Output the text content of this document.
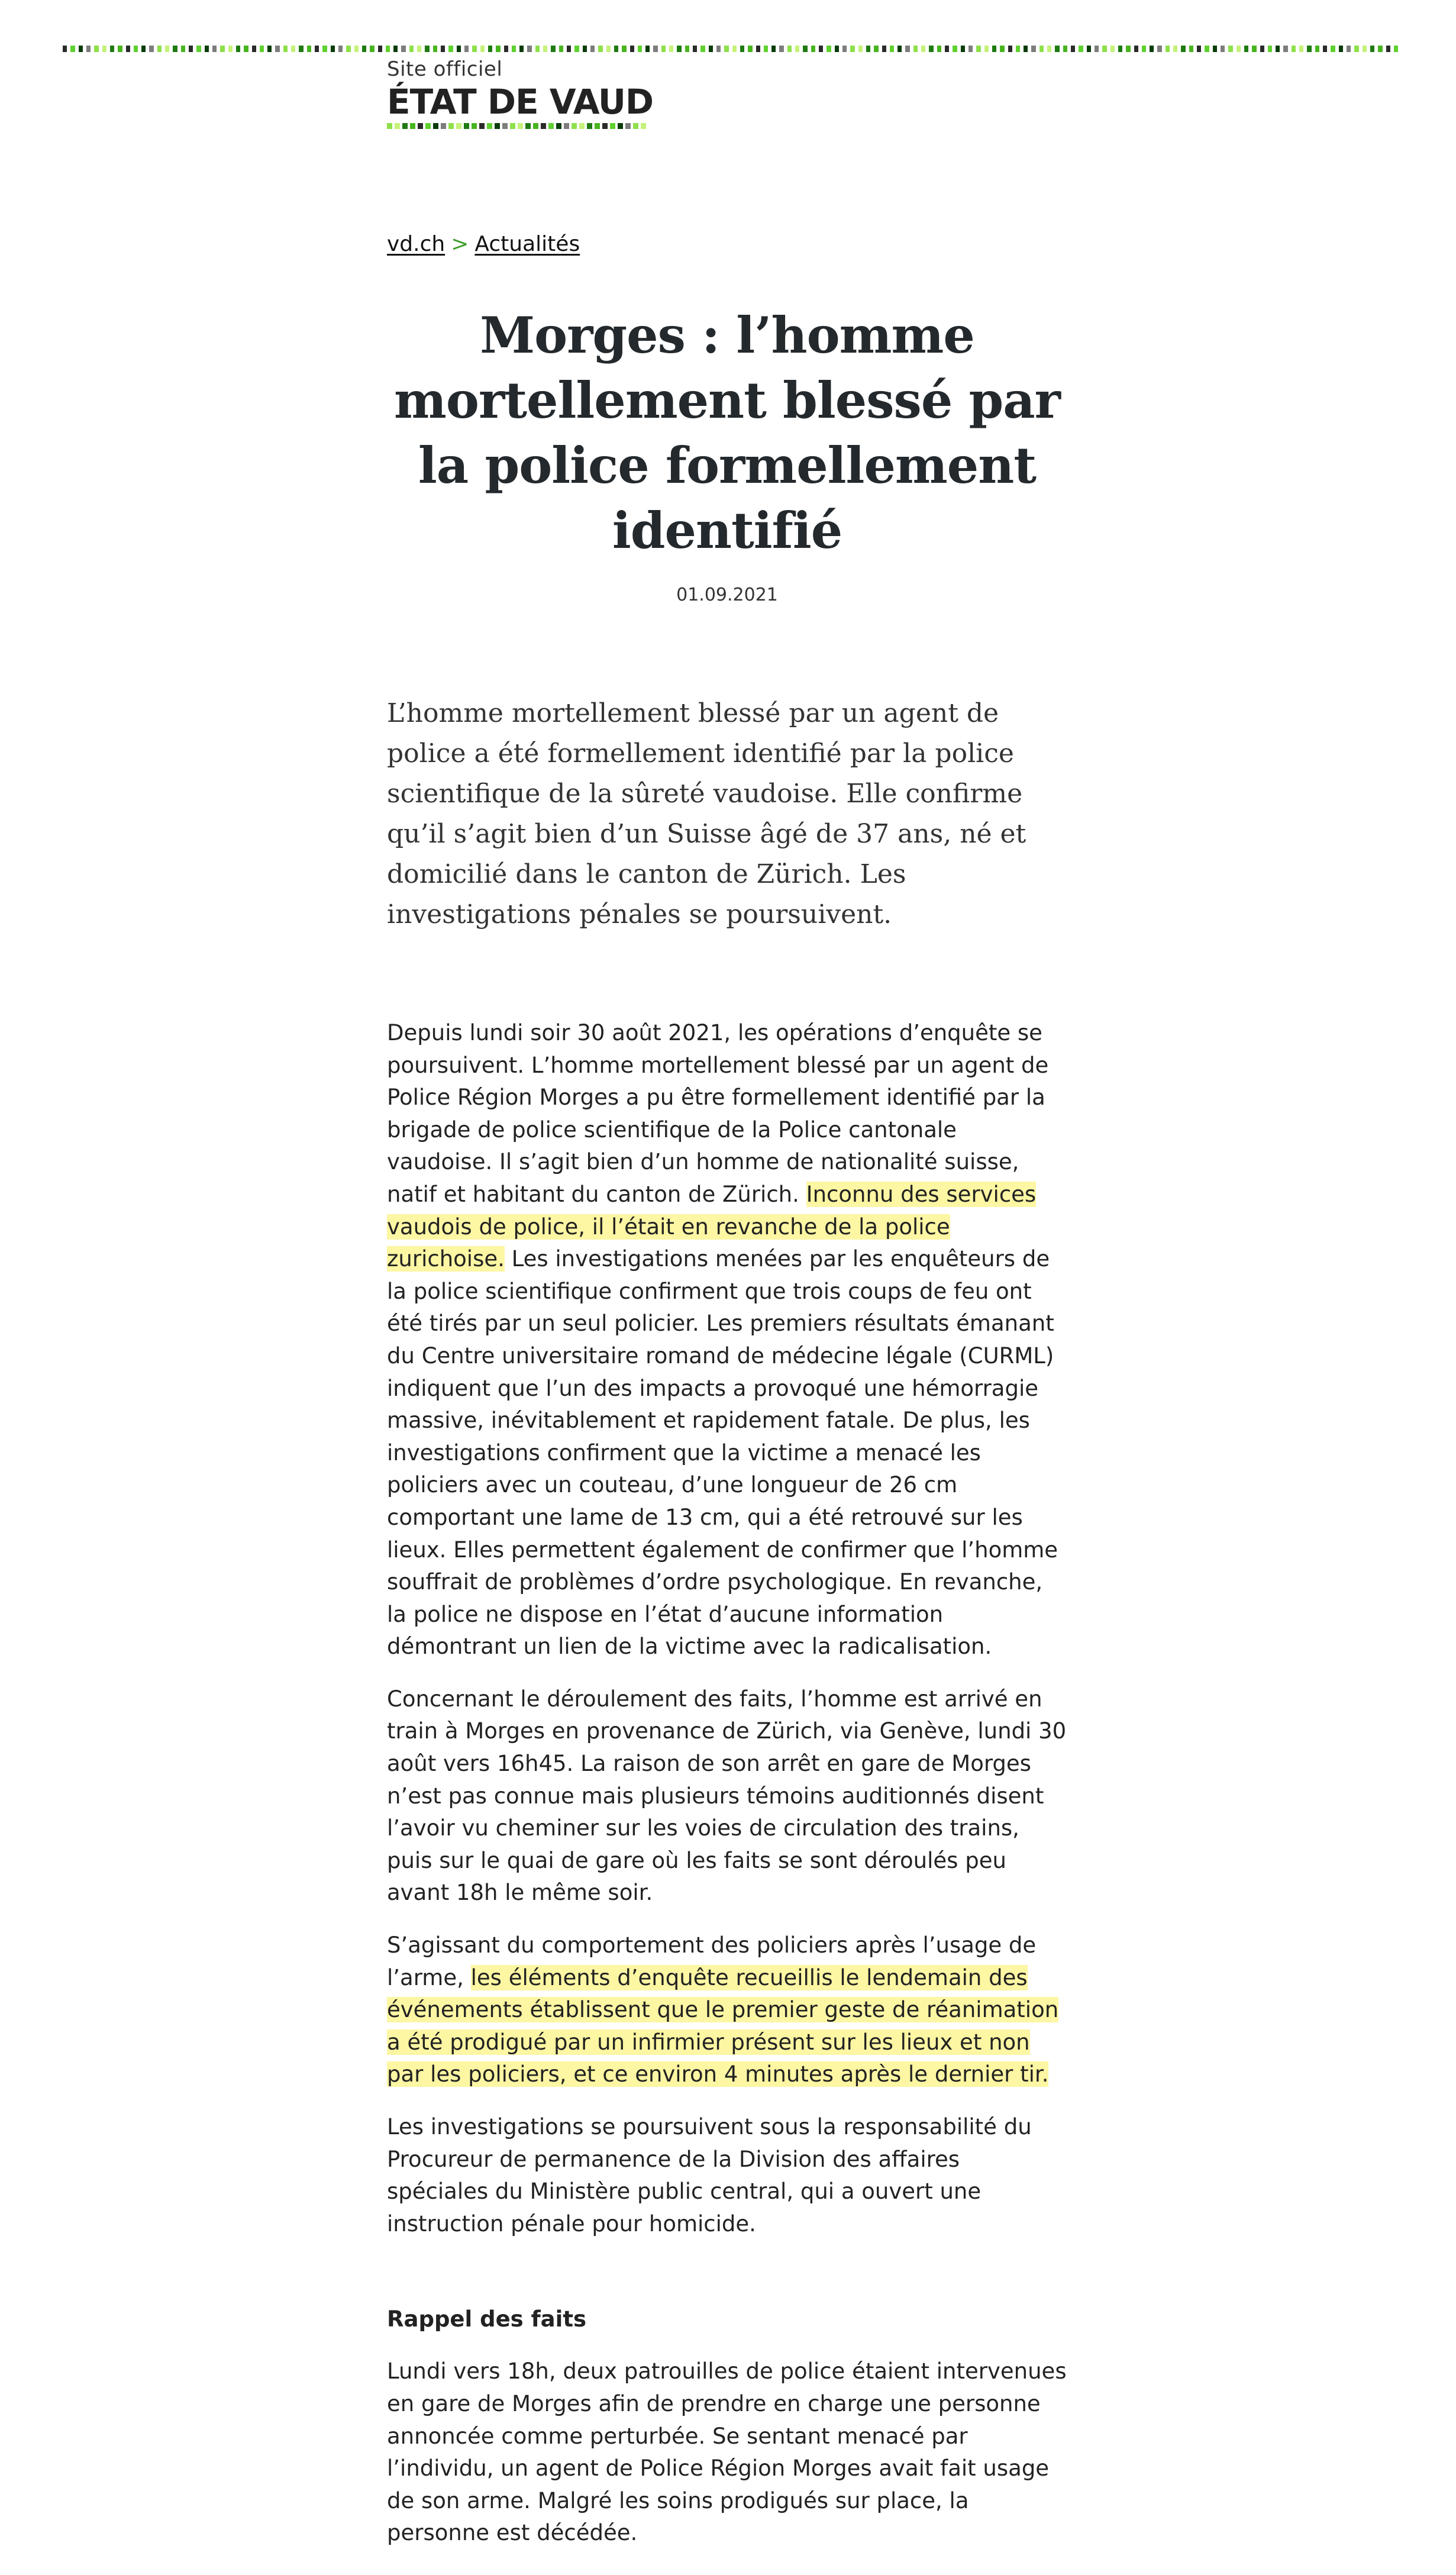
Site officiel
ÉTAT DE VAUD
vd.ch > Actualités
Morges : l’homme mortellement blessé par la police formellement identifié
01.09.2021

L’homme mortellement blessé par un agent de police a été formellement identifié par la police scientifique de la sûreté vaudoise. Elle confirme qu’il s’agit bien d’un Suisse âgé de 37 ans, né et domicilié dans le canton de Zürich. Les investigations pénales se poursuivent.

Depuis lundi soir 30 août 2021, les opérations d’enquête se poursuivent. L’homme mortellement blessé par un agent de Police Région Morges a pu être formellement identifié par la brigade de police scientifique de la Police cantonale vaudoise. Il s’agit bien d’un homme de nationalité suisse, natif et habitant du canton de Zürich. Inconnu des services vaudois de police, il l’était en revanche de la police zurichoise. Les investigations menées par les enquêteurs de la police scientifique confirment que trois coups de feu ont été tirés par un seul policier. Les premiers résultats émanant du Centre universitaire romand de médecine légale (CURML) indiquent que l’un des impacts a provoqué une hémorragie massive, inévitablement et rapidement fatale. De plus, les investigations confirment que la victime a menacé les policiers avec un couteau, d’une longueur de 26 cm comportant une lame de 13 cm, qui a été retrouvé sur les lieux. Elles permettent également de confirmer que l’homme souffrait de problèmes d’ordre psychologique. En revanche, la police ne dispose en l’état d’aucune information démontrant un lien de la victime avec la radicalisation.

Concernant le déroulement des faits, l’homme est arrivé en train à Morges en provenance de Zürich, via Genève, lundi 30 août vers 16h45. La raison de son arrêt en gare de Morges n’est pas connue mais plusieurs témoins auditionnés disent l’avoir vu cheminer sur les voies de circulation des trains, puis sur le quai de gare où les faits se sont déroulés peu avant 18h le même soir.

S’agissant du comportement des policiers après l’usage de l’arme, les éléments d’enquête recueillis le lendemain des événements établissent que le premier geste de réanimation a été prodigué par un infirmier présent sur les lieux et non par les policiers, et ce environ 4 minutes après le dernier tir.

Les investigations se poursuivent sous la responsabilité du Procureur de permanence de la Division des affaires spéciales du Ministère public central, qui a ouvert une instruction pénale pour homicide.

Rappel des faits

Lundi vers 18h, deux patrouilles de police étaient intervenues en gare de Morges afin de prendre en charge une personne annoncée comme perturbée. Se sentant menacé par l’individu, un agent de Police Région Morges avait fait usage de son arme. Malgré les soins prodigués sur place, la personne est décédée.
